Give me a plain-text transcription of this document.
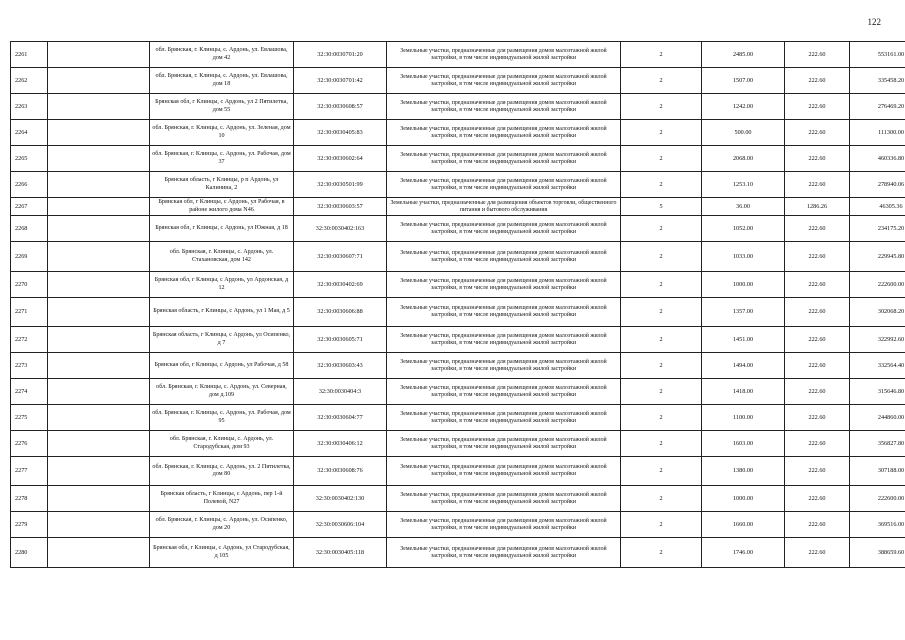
122
2261		обл. Брянская, г. Клинцы, с. Ардонь, ул. Евлашова, дом 42	32:30:0030701:20	Земельные участки, предназначенные для размещения домов малоэтажной жилой застройки, в том числе индивидуальной жилой застройки	2	2485.00	222.60	553161.00
2262		обл. Брянская, г. Клинцы, с. Ардонь, ул. Евлашова, дом 18	32:30:0030701:42	Земельные участки, предназначенные для размещения домов малоэтажной жилой застройки, в том числе индивидуальной жилой застройки	2	1507.00	222.60	335458.20
2263		Брянская обл, г Клинцы, с Ардонь, ул 2 Пятилетка, дом 55	32:30:0030608:57	Земельные участки, предназначенные для размещения домов малоэтажной жилой застройки, в том числе индивидуальной жилой застройки	2	1242.00	222.60	276469.20
2264		обл. Брянская, г. Клинцы, с. Ардонь, ул. Зеленая, дом 10	32:30:0030405:83	Земельные участки, предназначенные для размещения домов малоэтажной жилой застройки, в том числе индивидуальной жилой застройки	2	500.00	222.60	111300.00
2265		обл. Брянская, г. Клинцы, с. Ардонь, ул. Рабочая, дом 37	32:30:0030602:64	Земельные участки, предназначенные для размещения домов малоэтажной жилой застройки, в том числе индивидуальной жилой застройки	2	2068.00	222.60	460336.80
2266		Брянская область, г Клинцы, р п Ардонь, ул Калинина, 2	32:30:0030501:99	Земельные участки, предназначенные для размещения домов малоэтажной жилой застройки, в том числе индивидуальной жилой застройки	2	1253.10	222.60	278940.06
2267		Брянская обл, г Клинцы, с Ардонь, ул Рабочая, в районе жилого дома N46	32:30:0030603:57	Земельные участки, предназначенные для размещения объектов торговли, общественного питания и бытового обслуживания	5	36.00	1286.26	46305.36
2268		Брянская обл, г Клинцы, с Ардонь, ул Южная, д 18	32:30:0030402:163	Земельные участки, предназначенные для размещения домов малоэтажной жилой застройки, в том числе индивидуальной жилой застройки	2	1052.00	222.60	234175.20
2269		обл. Брянская, г. Клинцы, с. Ардонь, ул. Стахановская, дом 142	32:30:0030607:71	Земельные участки, предназначенные для размещения домов малоэтажной жилой застройки, в том числе индивидуальной жилой застройки	2	1033.00	222.60	229945.80
2270		Брянская обл, г Клинцы, с Ардонь, ул Ардонская, д 12	32:30:0030402:69	Земельные участки, предназначенные для размещения домов малоэтажной жилой застройки, в том числе индивидуальной жилой застройки	2	1000.00	222.60	222600.00
2271		Брянская область, г Клинцы, с Ардонь, ул 1 Мая, д 5	32:30:0030606:88	Земельные участки, предназначенные для размещения домов малоэтажной жилой застройки, в том числе индивидуальной жилой застройки	2	1357.00	222.60	302068.20
2272		Брянская область, г Клинцы, с Ардонь, ул Осипенко, д 7	32:30:0030605:71	Земельные участки, предназначенные для размещения домов малоэтажной жилой застройки, в том числе индивидуальной жилой застройки	2	1451.00	222.60	322992.60
2273		Брянская обл, г Клинцы, с Ардонь, ул Рабочая, д 58	32:30:0030603:43	Земельные участки, предназначенные для размещения домов малоэтажной жилой застройки, в том числе индивидуальной жилой застройки	2	1494.00	222.60	332564.40
2274		обл. Брянская, г. Клинцы, с. Ардонь, ул. Северная, дом д.109	32:30:0030404:3	Земельные участки, предназначенные для размещения домов малоэтажной жилой застройки, в том числе индивидуальной жилой застройки	2	1418.00	222.60	315646.80
2275		обл. Брянская, г. Клинцы, с. Ардонь, ул. Рабочая, дом 95	32:30:0030604:77	Земельные участки, предназначенные для размещения домов малоэтажной жилой застройки, в том числе индивидуальной жилой застройки	2	1100.00	222.60	244860.00
2276		обл. Брянская, г. Клинцы, с. Ардонь, ул. Стародубская, дом 93	32:30:0030406:12	Земельные участки, предназначенные для размещения домов малоэтажной жилой застройки, в том числе индивидуальной жилой застройки	2	1603.00	222.60	356827.80
2277		обл. Брянская, г. Клинцы, с. Ардонь, ул. 2 Пятилетка, дом 80	32:30:0030608:76	Земельные участки, предназначенные для размещения домов малоэтажной жилой застройки, в том числе индивидуальной жилой застройки	2	1380.00	222.60	307188.00
2278		Брянская область, г Клинцы, с Ардонь, пер 1-й Полевой, N27	32:30:0030402:130	Земельные участки, предназначенные для размещения домов малоэтажной жилой застройки, в том числе индивидуальной жилой застройки	2	1000.00	222.60	222600.00
2279		обл. Брянская, г. Клинцы, с. Ардонь, ул. Осипенко, дом 20	32:30:0030606:104	Земельные участки, предназначенные для размещения домов малоэтажной жилой застройки, в том числе индивидуальной жилой застройки	2	1660.00	222.60	369516.00
2280		Брянская обл, г Клинцы, с Ардонь, ул Стародубская, д 105	32:30:0030405:118	Земельные участки, предназначенные для размещения домов малоэтажной жилой застройки, в том числе индивидуальной жилой застройки	2	1746.00	222.60	388659.60
